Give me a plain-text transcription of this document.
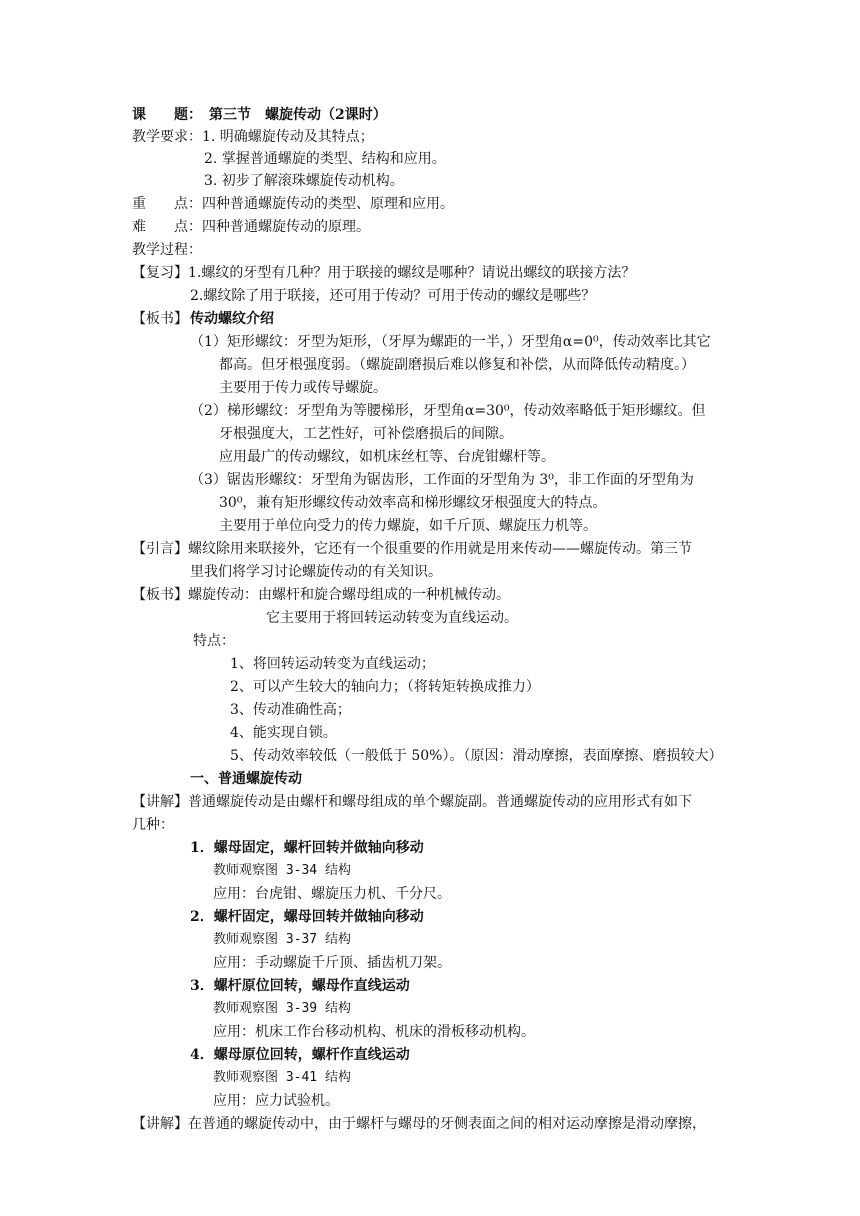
课　　题：　第三节　螺旋传动（2课时）
教学要求：1. 明确螺旋传动及其特点；
2. 掌握普通螺旋的类型、结构和应用。
3. 初步了解滚珠螺旋传动机构。
重　　点：四种普通螺旋传动的类型、原理和应用。
难　　点：四种普通螺旋传动的原理。
教学过程：
【复习】1.螺纹的牙型有几种？用于联接的螺纹是哪种？请说出螺纹的联接方法？
2.螺纹除了用于联接，还可用于传动？可用于传动的螺纹是哪些？
【板书】 传动螺纹介绍
（1）矩形螺纹：牙型为矩形，（牙厚为螺距的一半，）牙型角α=0⁰，传动效率比其它
都高。但牙根强度弱。（螺旋副磨损后难以修复和补偿，从而降低传动精度。）
主要用于传力或传导螺旋。
（2）梯形螺纹：牙型角为等腰梯形，牙型角α=30⁰，传动效率略低于矩形螺纹。但
牙根强度大，工艺性好，可补偿磨损后的间隙。
应用最广的传动螺纹，如机床丝杠等、台虎钳螺杆等。
（3）锯齿形螺纹：牙型角为锯齿形，工作面的牙型角为 3⁰，非工作面的牙型角为
30⁰，兼有矩形螺纹传动效率高和梯形螺纹牙根强度大的特点。
主要用于单位向受力的传力螺旋，如千斤顶、螺旋压力机等。
【引言】螺纹除用来联接外，它还有一个很重要的作用就是用来传动——螺旋传动。第三节
里我们将学习讨论螺旋传动的有关知识。
【板书】螺旋传动：由螺杆和旋合螺母组成的一种机械传动。
它主要用于将回转运动转变为直线运动。
特点：
1、将回转运动转变为直线运动；
2、可以产生较大的轴向力；（将转矩转换成推力）
3、传动准确性高；
4、能实现自锁。
5、传动效率较低（一般低于 50%）。（原因：滑动摩擦，表面摩擦、磨损较大）
一、普通螺旋传动
【讲解】普通螺旋传动是由螺杆和螺母组成的单个螺旋副。普通螺旋传动的应用形式有如下
几种：
1．螺母固定，螺杆回转并做轴向移动
教师观察图 3-34 结构
应用：台虎钳、螺旋压力机、千分尺。
2．螺杆固定，螺母回转并做轴向移动
教师观察图 3-37 结构
应用：手动螺旋千斤顶、插齿机刀架。
3．螺杆原位回转，螺母作直线运动
教师观察图 3-39 结构
应用：机床工作台移动机构、机床的滑板移动机构。
4．螺母原位回转，螺杆作直线运动
教师观察图 3-41 结构
应用：应力试验机。
【讲解】在普通的螺旋传动中，由于螺杆与螺母的牙侧表面之间的相对运动摩擦是滑动摩擦，
